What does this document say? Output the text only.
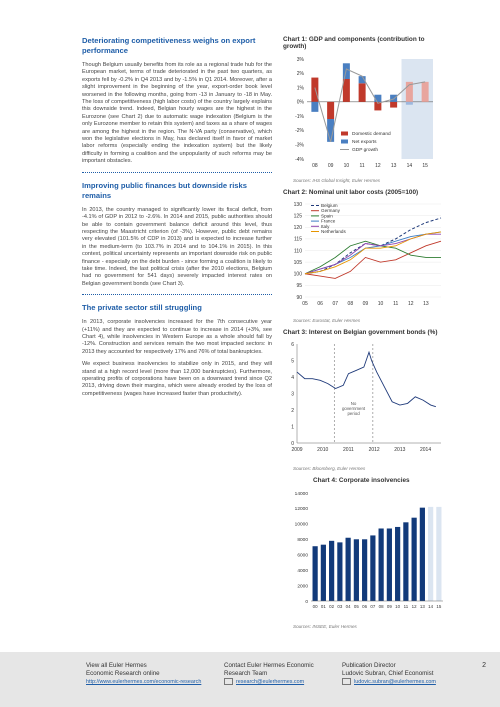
Deteriorating competitiveness weighs on export performance

Though Belgium usually benefits from its role as a regional trade hub for the European market, terms of trade deteriorated in the past two quarters, as exports fell by -0.2% in Q4 2013 and by -1.5% in Q1 2014. Moreover, after a slight improvement in the beginning of the year, export-order book level worsened in the following months, going from -13 in January to -18 in May. The loss of competitiveness (high labor costs) of the country largely explains this downside trend. Indeed, Belgian hourly wages are the highest in the Eurozone (see Chart 2) due to automatic wage indexation (Belgium is the only Eurozone member to retain this system) and taxes as a share of wages are among the highest in the region. The N-VA party (conservative), which won the legislative elections in May, has declared itself in favor of market labor reforms (especially ending the indexation system) but the likely difficulty in forming a coalition and the unpopularity of such reforms may be important obstacles.

Improving public finances but downside risks remains

In 2013, the country managed to significantly lower its fiscal deficit, from -4.1% of GDP in 2012 to -2.6%. In 2014 and 2015, public authorities should be able to contain government balance deficit around this level, thus respecting the Maastricht criterion (of -3%). However, public debt remains very elevated (101.5% of CDP in 2013) and is expected to increase further in the medium-term (to 103.7% in 2014 and to 104.1% in 2015). In this context, political uncertainty represents an important downside risk on public finance - especially on the debt burden - since forming a coalition is likely to take time. Indeed, the last political crisis (after the 2010 elections, Belgium had no government for 541 days) severely impacted interest rates on Belgian government bonds (see Chart 3).

The private sector still struggling

In 2013, corporate insolvencies increased for the 7th consecutive year (+11%) and they are expected to continue to increase in 2014 (+3%, see Chart 4), while insolvencies in Western Europe as a whole should fall by -12%. Construction and services remain the two most impacted sectors: in 2013 they accounted for respectively 17% and 76% of total bankruptcies.

We expect business insolvencies to stabilize only in 2015, and they will stand at a high record level (more than 12,000 bankruptcies). Furthermore, operating profits of corporations have been on a downward trend since Q2 2013, driving down their margins, which were already eroded by the loss of competitiveness (wages have increased faster than productivity).

Chart 1: GDP and components (contribution to growth)
3%
2%
1%
0%
-1%
-2%
-3%
-4%
08 09 10 11 12 13 14 15
Domestic demand
Net exports
GDP growth
Sources: IHS Global Insight, Euler Hermes
Chart 2: Nominal unit labor costs (2005=100)
130
125
120
115
110
105
100
95
90
05 06 07 08 09 10 11 12 13
Belgium
Germany
Spain
France
Italy
Netherlands
Sources: Eurostat, Euler Hermes
Chart 3: Interest on Belgian government bonds (%)
6
5
4
3
2
1
0
2009	2010	2011	2012	2013	2014
No
government
period
Sources: Bloomberg, Euler Hermes
Chart 4: Corporate insolvencies
14000
12000
10000
8000
6000
4000
2000
0
00 01 02 03 04 05 06 07 08 09 10 11 12 13 14 15
Sources: INSEE, Euler Hermes
View all Euler Hermes
Economic Research online
http://www.eulerhermes.com/economic-research
Contact Euler Hermes Economic
Research Team
research@eulerhermes.com
Publication Director
Ludovic Subran, Chief Economist
ludovic.subran@eulerhermes.com
2
